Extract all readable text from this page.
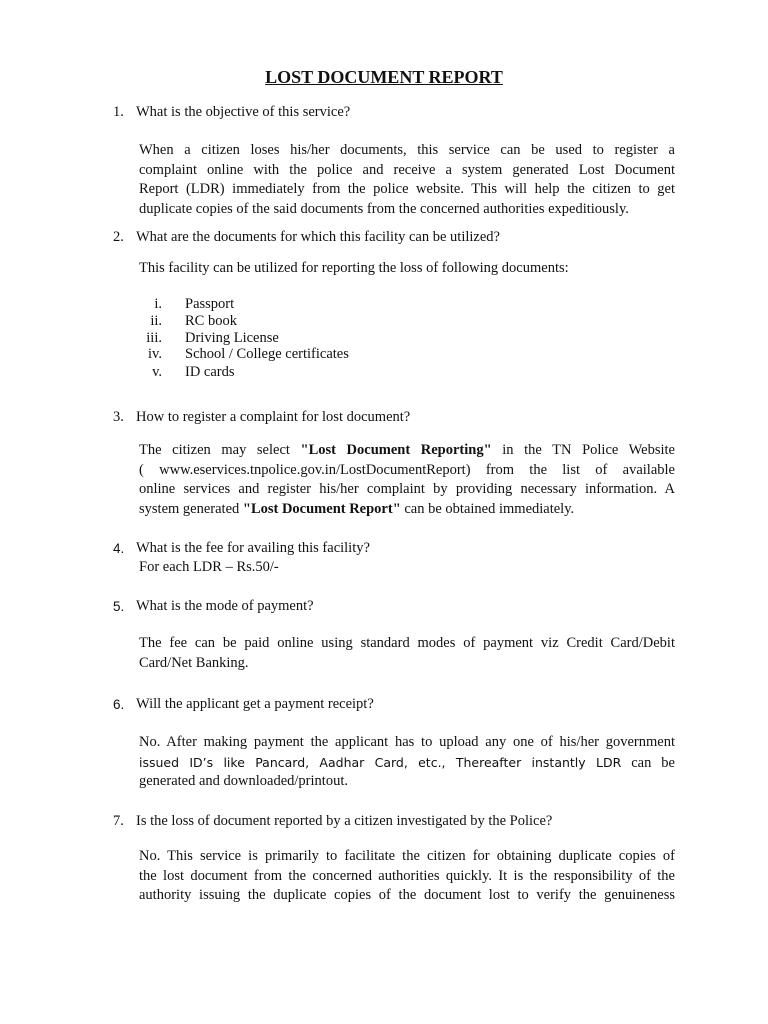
LOST DOCUMENT REPORT
1. What is the objective of this service?
When a citizen loses his/her documents, this service can be used to register a
complaint online with the police and receive a system generated Lost Document
Report (LDR) immediately from the police website. This will help the citizen to get
duplicate copies of the said documents from the concerned authorities expeditiously.
2. What are the documents for which this facility can be utilized?
This facility can be utilized for reporting the loss of following documents:
i. Passport
ii. RC book
iii. Driving License
iv. School / College certificates
v. ID cards
3. How to register a complaint for lost document?
The citizen may select "Lost Document Reporting" in the TN Police Website
( www.eservices.tnpolice.gov.in/LostDocumentReport) from the list of available
online services and register his/her complaint by providing necessary information. A
system generated "Lost Document Report" can be obtained immediately.
4. What is the fee for availing this facility?
For each LDR – Rs.50/-
5. What is the mode of payment?
The fee can be paid online using standard modes of payment viz Credit Card/Debit
Card/Net Banking.
6. Will the applicant get a payment receipt?
No. After making payment the applicant has to upload any one of his/her government
issued ID’s like Pancard, Aadhar Card, etc., Thereafter instantly LDR can be
generated and downloaded/printout.
7. Is the loss of document reported by a citizen investigated by the Police?
No. This service is primarily to facilitate the citizen for obtaining duplicate copies of
the lost document from the concerned authorities quickly. It is the responsibility of the
authority issuing the duplicate copies of the document lost to verify the genuineness
